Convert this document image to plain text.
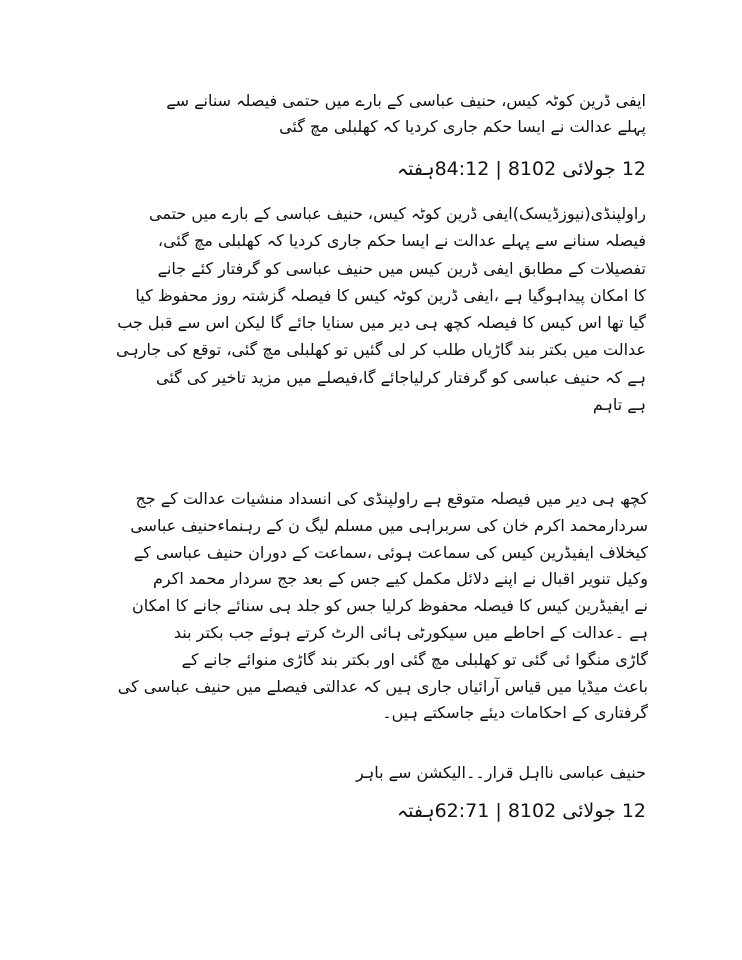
ایفی ڈرین کوٹہ کیس، حنیف عباسی کے بارے میں حتمی فیصلہ سنانے سے
پہلے عدالت نے ایسا حکم جاری کردیا کہ کھلبلی مچ گئی
12 جولائی 8102 | 84:12ہفتہ
راولپنڈی(نیوزڈیسک)ایفی ڈرین کوٹہ کیس، حنیف عباسی کے بارے میں حتمی
فیصلہ سنانے سے پہلے عدالت نے ایسا حکم جاری کردیا کہ کھلبلی مچ گئی،
تفصیلات کے مطابق ایفی ڈرین کیس میں حنیف عباسی کو گرفتار کئے جانے
کا امکان پیداہوگیا ہے ،ایفی ڈرین کوٹہ کیس کا فیصلہ گزشتہ روز محفوظ کیا
گیا تھا اس کیس کا فیصلہ کچھ ہی دیر میں سنایا جائے گا لیکن اس سے قبل جب
عدالت میں بکتر بند گاڑیاں طلب کر لی گئیں تو کھلبلی مچ گئی، توقع کی جارہی
ہے کہ حنیف عباسی کو گرفتار کرلیاجائے گا،فیصلے میں مزید تاخیر کی گئی
ہے تاہم
کچھ ہی دیر میں فیصلہ متوقع ہے راولپنڈی کی انسداد منشیات عدالت کے جج
سردارمحمد اکرم خان کی سربراہی میں مسلم لیگ ن کے رہنماءحنیف عباسی
کیخلاف ایفیڈرین کیس کی سماعت ہوئی ،سماعت کے دوران حنیف عباسی کے
وکیل تنویر اقبال نے اپنے دلائل مکمل کیے جس کے بعد جج سردار محمد اکرم
نے ایفیڈرین کیس کا فیصلہ محفوظ کرلیا جس کو جلد ہی سنائے جانے کا امکان
ہے ۔عدالت کے احاطے میں سیکورٹی ہائی الرٹ کرتے ہوئے جب بکتر بند
گاڑی منگوا ئی گئی تو کھلبلی مچ گئی اور بکتر بند گاڑی منوائے جانے کے
باعث میڈیا میں قیاس آرائیاں جاری ہیں کہ عدالتی فیصلے میں حنیف عباسی کی
گرفتاری کے احکامات دیئے جاسکتے ہیں۔
حنیف عباسی نااہل قرار۔۔الیکشن سے باہر
12 جولائی 8102 | 62:71ہفتہ
